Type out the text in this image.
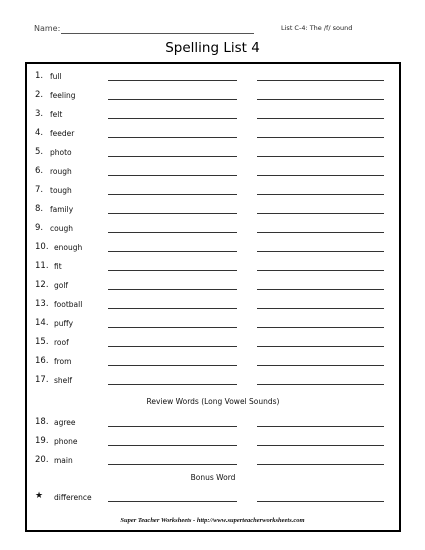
Name:	List C-4: The /f/ sound
Spelling List 4
1. full
2. feeling
3. felt
4. feeder
5. photo
6. rough
7. tough
8. family
9. cough
10. enough
11. fit
12. golf
13. football
14. puffy
15. roof
16. from
17. shelf
18. agree
19. phone
20. main
★ difference
Review Words (Long Vowel Sounds)
Bonus Word
Super Teacher Worksheets - http://www.superteacherworksheets.com
